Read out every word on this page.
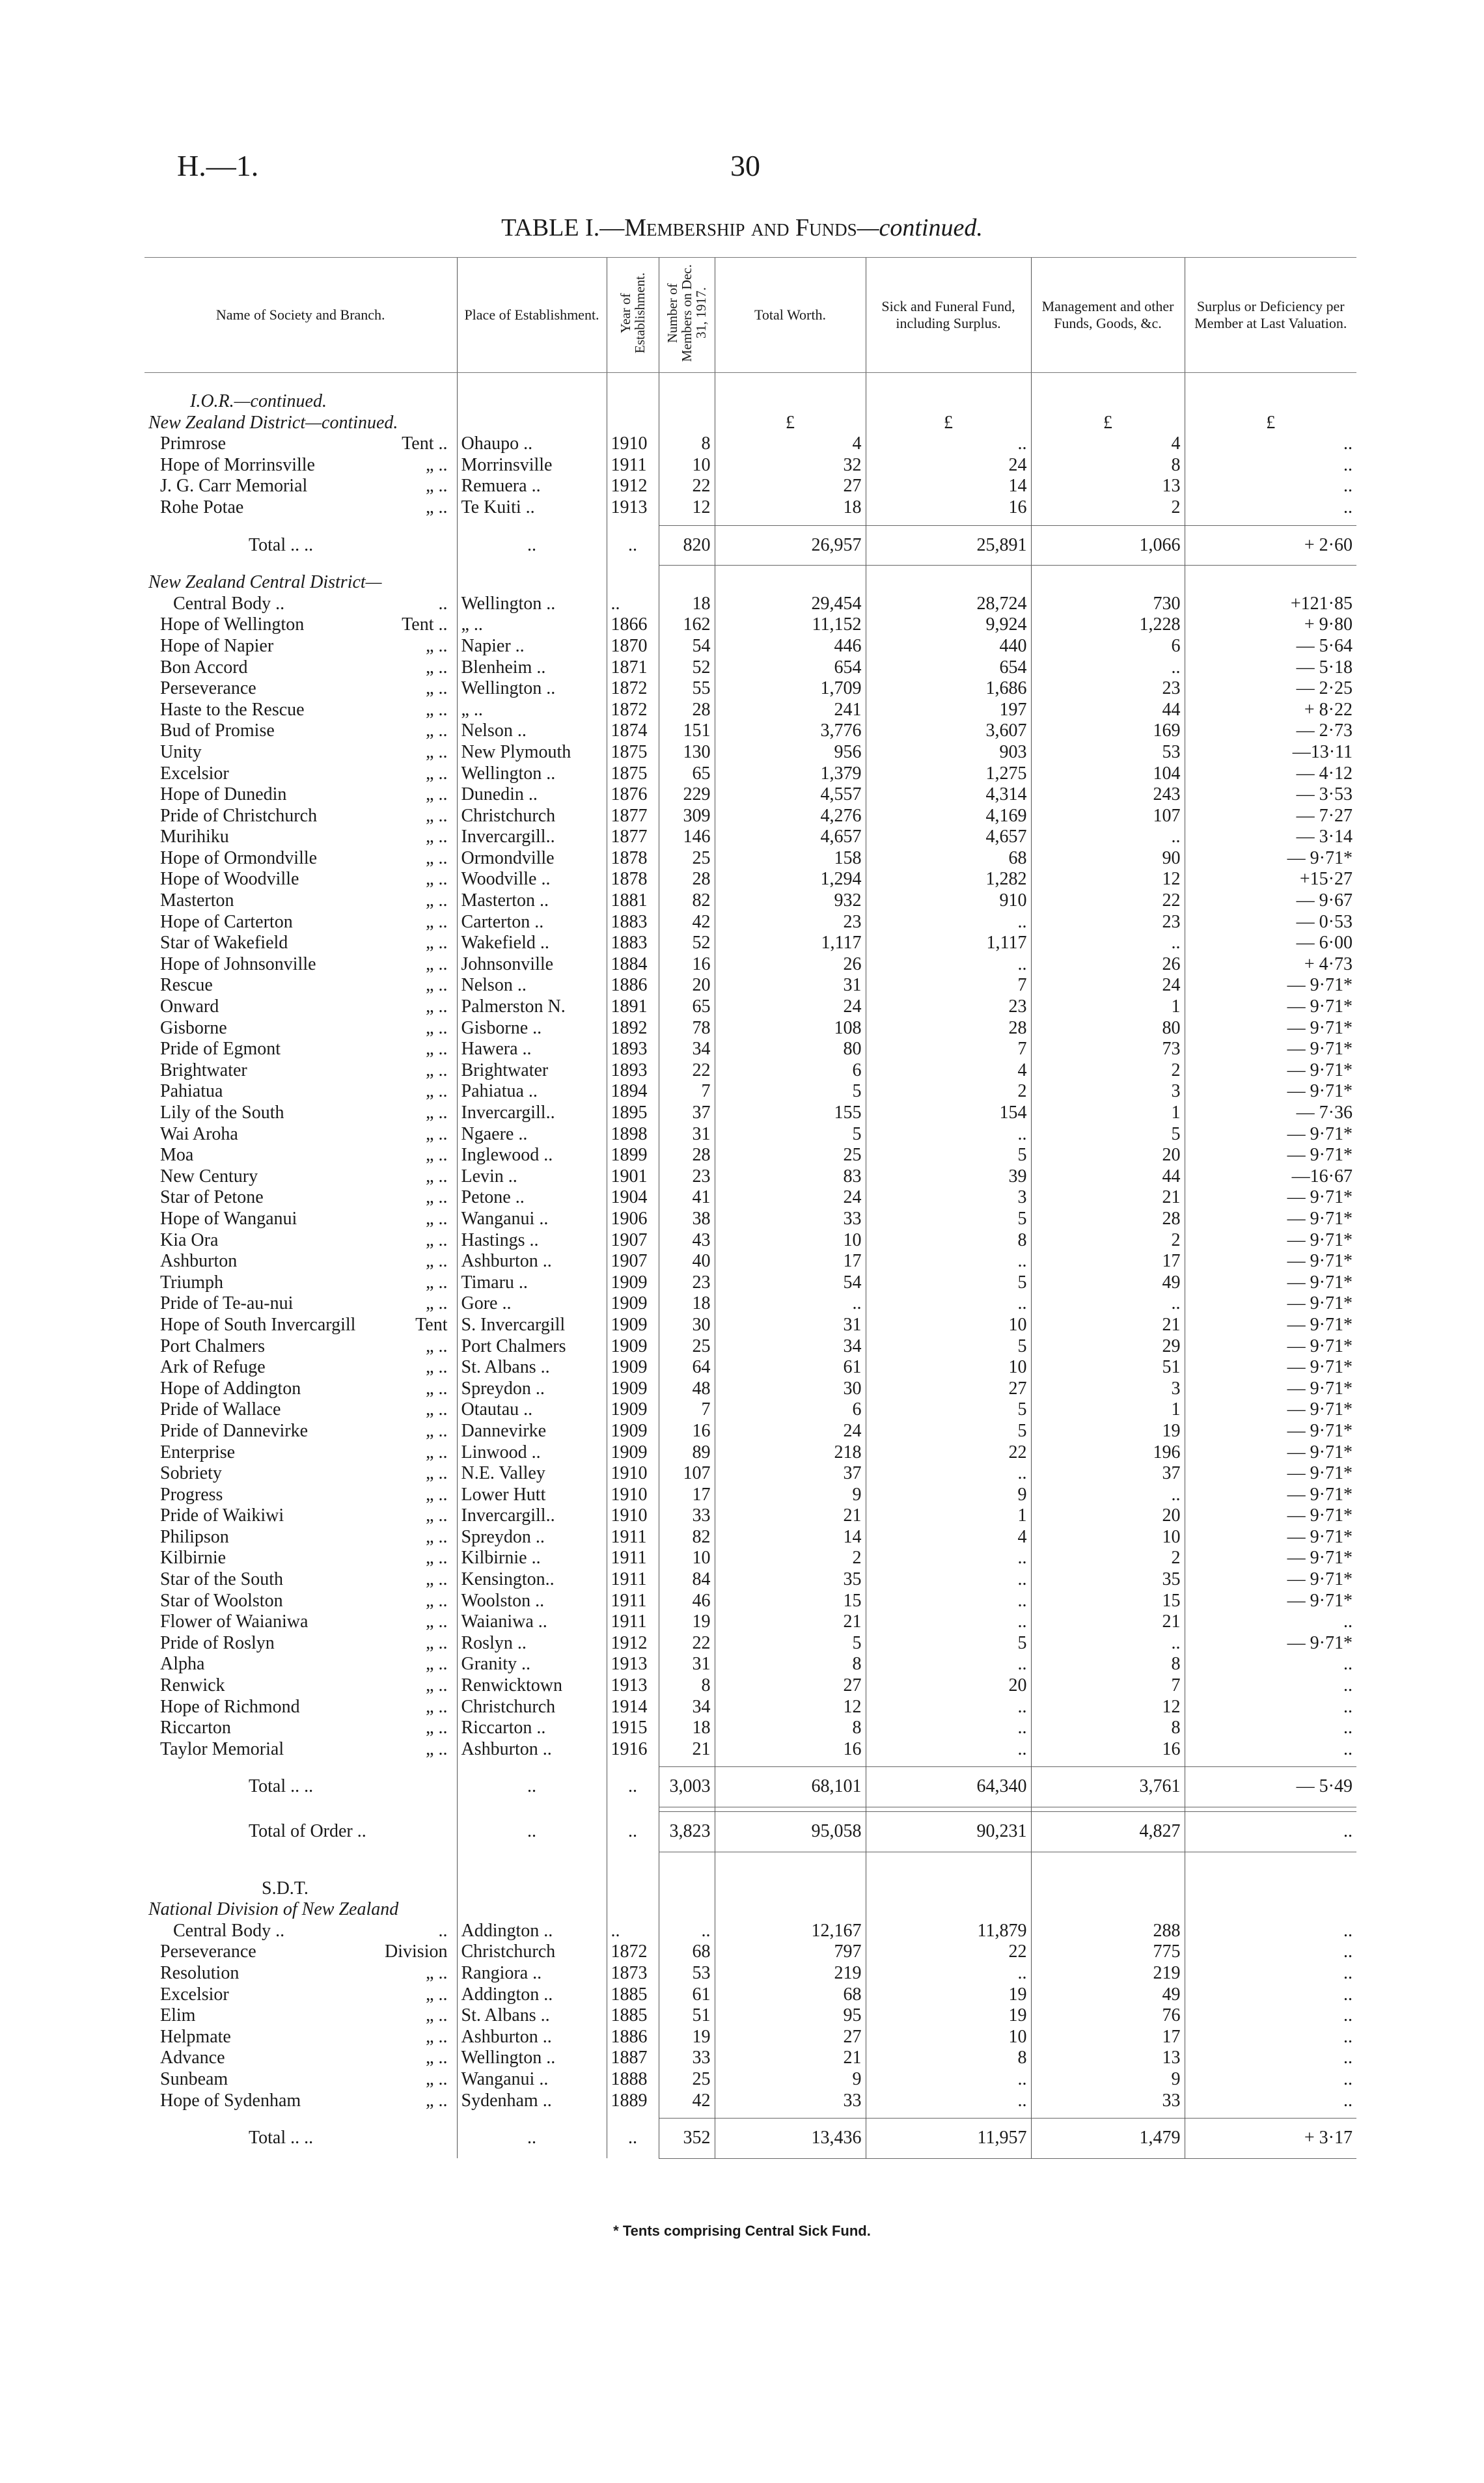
H.—1.	30
TABLE I.—Membership and Funds—continued.
Name of Society and Branch.	Place of Establishment.	Year of Establishment.	Number of Members on Dec. 31, 1917.	Total Worth.	Sick and Funeral Fund, including Surplus.	Management and other Funds, Goods, &c.	Surplus or Deficiency per Member at Last Valuation.

I.O.R.—continued.							
New Zealand District—continued.				£	£	£	£
Primrose Tent ..	Ohaupo ..	1910	8	4	..	4	..
Hope of Morrinsville „ ..	Morrinsville	1911	10	32	24	8	..
J. G. Carr Memorial „ ..	Remuera ..	1912	22	27	14	13	..
Rohe Potae „ ..	Te Kuiti ..	1913	12	18	16	2	..

Total .. ..	..	..	820	26,957	25,891	1,066	+ 2·60

New Zealand Central District—							
Central Body .. ..	Wellington ..	..	18	29,454	28,724	730	+121·85
Hope of Wellington Tent ..	„ ..	1866	162	11,152	9,924	1,228	+ 9·80
Hope of Napier „ ..	Napier ..	1870	54	446	440	6	— 5·64
Bon Accord „ ..	Blenheim ..	1871	52	654	654	..	— 5·18
Perseverance „ ..	Wellington ..	1872	55	1,709	1,686	23	— 2·25
Haste to the Rescue „ ..	„ ..	1872	28	241	197	44	+ 8·22
Bud of Promise „ ..	Nelson ..	1874	151	3,776	3,607	169	— 2·73
Unity „ ..	New Plymouth	1875	130	956	903	53	—13·11
Excelsior „ ..	Wellington ..	1875	65	1,379	1,275	104	— 4·12
Hope of Dunedin „ ..	Dunedin ..	1876	229	4,557	4,314	243	— 3·53
Pride of Christchurch „ ..	Christchurch	1877	309	4,276	4,169	107	— 7·27
Murihiku „ ..	Invercargill..	1877	146	4,657	4,657	..	— 3·14
Hope of Ormondville „ ..	Ormondville	1878	25	158	68	90	— 9·71*
Hope of Woodville „ ..	Woodville ..	1878	28	1,294	1,282	12	+15·27
Masterton „ ..	Masterton ..	1881	82	932	910	22	— 9·67
Hope of Carterton „ ..	Carterton ..	1883	42	23	..	23	— 0·53
Star of Wakefield „ ..	Wakefield ..	1883	52	1,117	1,117	..	— 6·00
Hope of Johnsonville „ ..	Johnsonville	1884	16	26	..	26	+ 4·73
Rescue „ ..	Nelson ..	1886	20	31	7	24	— 9·71*
Onward „ ..	Palmerston N.	1891	65	24	23	1	— 9·71*
Gisborne „ ..	Gisborne ..	1892	78	108	28	80	— 9·71*
Pride of Egmont „ ..	Hawera ..	1893	34	80	7	73	— 9·71*
Brightwater „ ..	Brightwater	1893	22	6	4	2	— 9·71*
Pahiatua „ ..	Pahiatua ..	1894	7	5	2	3	— 9·71*
Lily of the South „ ..	Invercargill..	1895	37	155	154	1	— 7·36
Wai Aroha „ ..	Ngaere ..	1898	31	5	..	5	— 9·71*
Moa „ ..	Inglewood ..	1899	28	25	5	20	— 9·71*
New Century „ ..	Levin ..	1901	23	83	39	44	—16·67
Star of Petone „ ..	Petone ..	1904	41	24	3	21	— 9·71*
Hope of Wanganui „ ..	Wanganui ..	1906	38	33	5	28	— 9·71*
Kia Ora „ ..	Hastings ..	1907	43	10	8	2	— 9·71*
Ashburton „ ..	Ashburton ..	1907	40	17	..	17	— 9·71*
Triumph „ ..	Timaru ..	1909	23	54	5	49	— 9·71*
Pride of Te-au-nui „ ..	Gore ..	1909	18	..	..	..	— 9·71*
Hope of South Invercargill Tent	S. Invercargill	1909	30	31	10	21	— 9·71*
Port Chalmers „ ..	Port Chalmers	1909	25	34	5	29	— 9·71*
Ark of Refuge „ ..	St. Albans ..	1909	64	61	10	51	— 9·71*
Hope of Addington „ ..	Spreydon ..	1909	48	30	27	3	— 9·71*
Pride of Wallace „ ..	Otautau ..	1909	7	6	5	1	— 9·71*
Pride of Dannevirke „ ..	Dannevirke	1909	16	24	5	19	— 9·71*
Enterprise „ ..	Linwood ..	1909	89	218	22	196	— 9·71*
Sobriety „ ..	N.E. Valley	1910	107	37	..	37	— 9·71*
Progress „ ..	Lower Hutt	1910	17	9	9	..	— 9·71*
Pride of Waikiwi „ ..	Invercargill..	1910	33	21	1	20	— 9·71*
Philipson „ ..	Spreydon ..	1911	82	14	4	10	— 9·71*
Kilbirnie „ ..	Kilbirnie ..	1911	10	2	..	2	— 9·71*
Star of the South „ ..	Kensington..	1911	84	35	..	35	— 9·71*
Star of Woolston „ ..	Woolston ..	1911	46	15	..	15	— 9·71*
Flower of Waianiwa „ ..	Waianiwa ..	1911	19	21	..	21	..
Pride of Roslyn „ ..	Roslyn ..	1912	22	5	5	..	— 9·71*
Alpha „ ..	Granity ..	1913	31	8	..	8	..
Renwick „ ..	Renwicktown	1913	8	27	20	7	..
Hope of Richmond „ ..	Christchurch	1914	34	12	..	12	..
Riccarton „ ..	Riccarton ..	1915	18	8	..	8	..
Taylor Memorial „ ..	Ashburton ..	1916	21	16	..	16	..

Total .. ..	..	..	3,003	68,101	64,340	3,761	— 5·49

Total of Order ..	..	..	3,823	95,058	90,231	4,827	..

S.D.T.							
National Division of New Zealand							
Central Body .. ..	Addington ..	..	..	12,167	11,879	288	..
Perseverance Division	Christchurch	1872	68	797	22	775	..
Resolution „ ..	Rangiora ..	1873	53	219	..	219	..
Excelsior „ ..	Addington ..	1885	61	68	19	49	..
Elim „ ..	St. Albans ..	1885	51	95	19	76	..
Helpmate „ ..	Ashburton ..	1886	19	27	10	17	..
Advance „ ..	Wellington ..	1887	33	21	8	13	..
Sunbeam „ ..	Wanganui ..	1888	25	9	..	9	..
Hope of Sydenham „ ..	Sydenham ..	1889	42	33	..	33	..

Total .. ..	..	..	352	13,436	11,957	1,479	+ 3·17
* Tents comprising Central Sick Fund.
